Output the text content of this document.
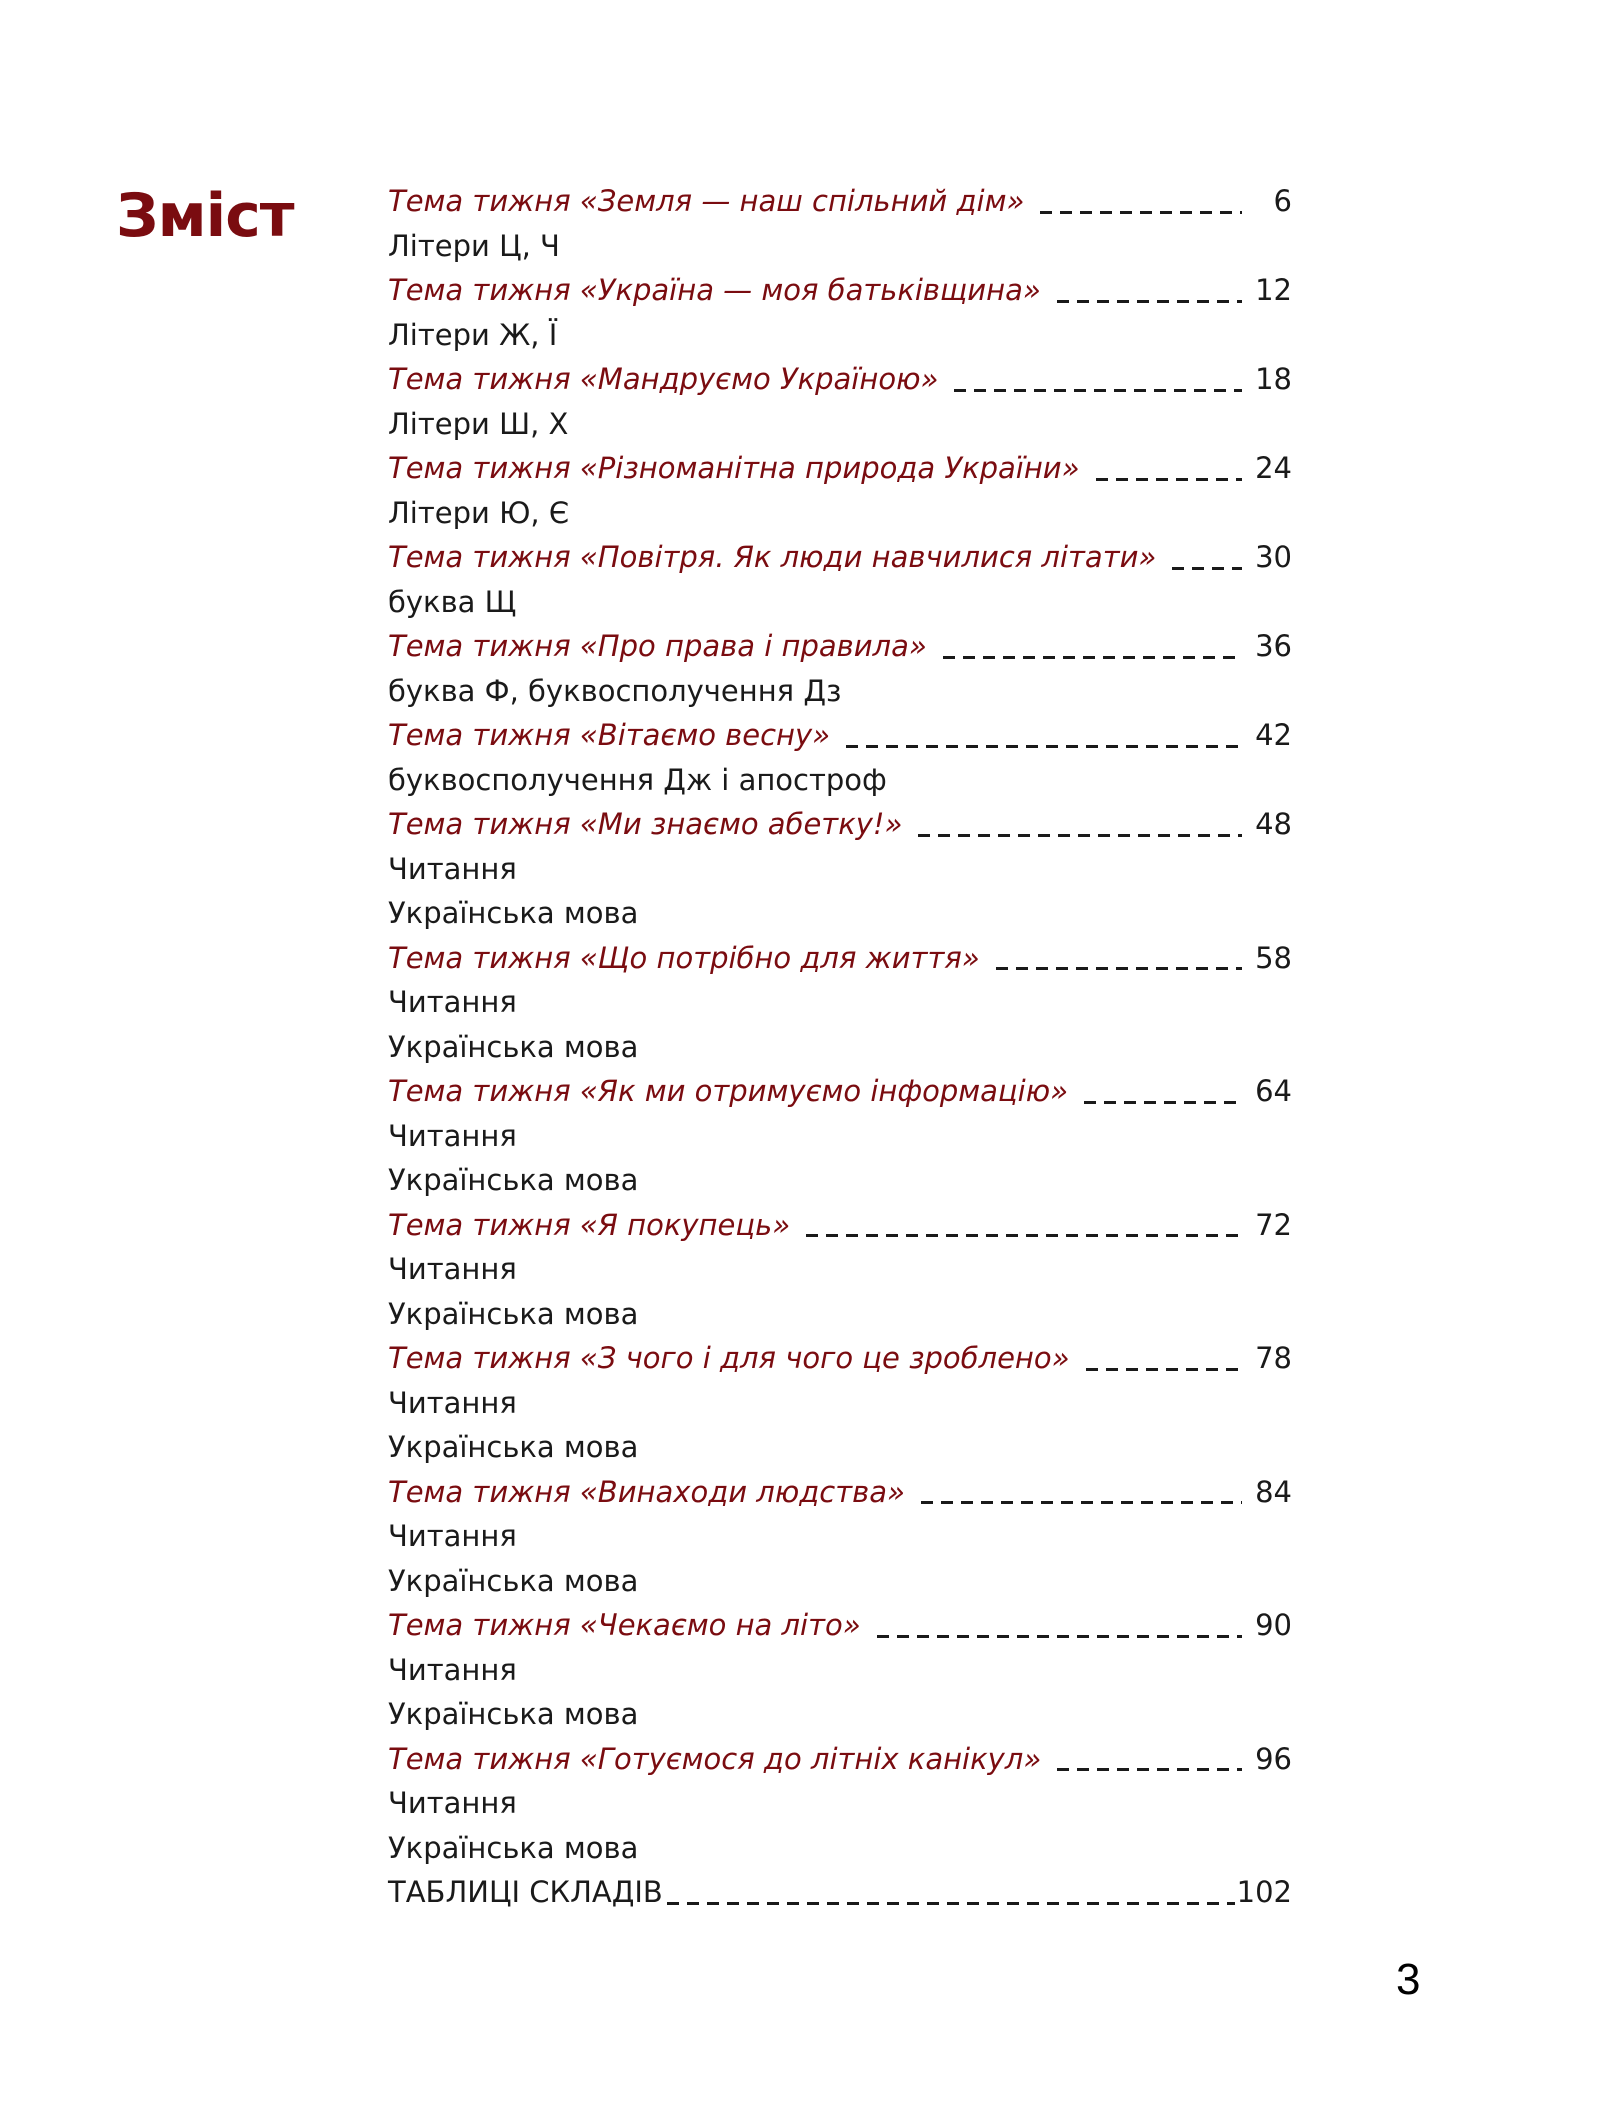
Зміст	Тема тижня «Земля — наш спільний дім»	6
Літери Ц, Ч
Тема тижня «Україна — моя батьківщина»	12
Літери Ж, Ї
Тема тижня «Мандруємо Україною»	18
Літери Ш, Х
Тема тижня «Різноманітна природа України»	24
Літери Ю, Є
Тема тижня «Повітря. Як люди навчилися літати»	30
буква Щ
Тема тижня «Про права і правила»	36
буква Ф, буквосполучення Дз
Тема тижня «Вітаємо весну»	42
буквосполучення Дж і апостроф
Тема тижня «Ми знаємо абетку!»	48
Читання
Українська мова
Тема тижня «Що потрібно для життя»	58
Читання
Українська мова
Тема тижня «Як ми отримуємо інформацію»	64
Читання
Українська мова
Тема тижня «Я покупець»	72
Читання
Українська мова
Тема тижня «З чого і для чого це зроблено»	78
Читання
Українська мова
Тема тижня «Винаходи людства»	84
Читання
Українська мова
Тема тижня «Чекаємо на літо»	90
Читання
Українська мова
Тема тижня «Готуємося до літніх канікул»	96
Читання
Українська мова
ТАБЛИЦІ СКЛАДІВ	102
3
